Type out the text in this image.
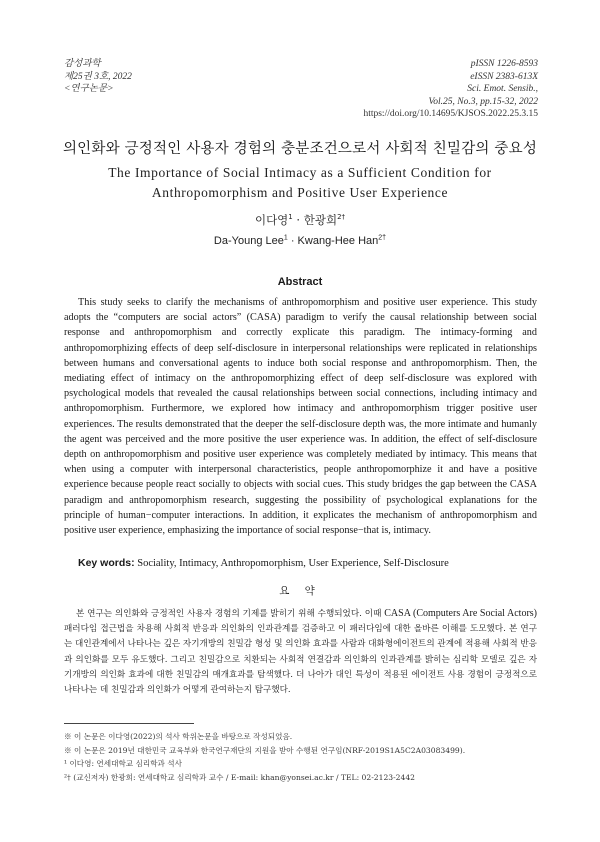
감성과학
제25권 3호, 2022
<연구논문>
pISSN 1226-8593
eISSN 2383-613X
Sci. Emot. Sensib.,
Vol.25, No.3, pp.15-32, 2022
https://doi.org/10.14695/KJSOS.2022.25.3.15
의인화와 긍정적인 사용자 경험의 충분조건으로서 사회적 친밀감의 중요성
The Importance of Social Intimacy as a Sufficient Condition for
Anthropomorphism and Positive User Experience
이다영$^1$ · 한광희$^{2\dagger}$
Da-Young Lee$^1$ · Kwang-Hee Han$^{2\dagger}$
Abstract

This study seeks to clarify the mechanisms of anthropomorphism and positive user experience. This study adopts the “computers are social actors” (CASA) paradigm to verify the causal relationship between social response and anthropomorphism and correctly explicate this paradigm. The intimacy-forming and anthropomorphizing effects of deep self-disclosure in interpersonal relationships were replicated in relationships between humans and conversational agents to induce both social response and anthropomorphism. Then, the mediating effect of intimacy on the anthropomorphizing effect of deep self-disclosure was explored with psychological models that revealed the causal relationships between social connections, including intimacy and anthropomorphism. Furthermore, we explored how intimacy and anthropomorphism trigger positive user experiences. The results demonstrated that the deeper the self-disclosure depth was, the more intimate and humanly the agent was perceived and the more positive the user experience was. In addition, the effect of self-disclosure depth on anthropomorphism and positive user experience was completely mediated by intimacy. This means that when using a computer with interpersonal characteristics, people anthropomorphize it and have a positive experience because people react socially to objects with social cues. This study bridges the gap between the CASA paradigm and anthropomorphism research, suggesting the possibility of psychological explanations for the principle of human−computer interactions. In addition, it explicates the mechanism of anthropomorphism and positive user experience, emphasizing the importance of social response−that is, intimacy.

Key words: Sociality, Intimacy, Anthropomorphism, User Experience, Self-Disclosure
요 약

본 연구는 의인화와 긍정적인 사용자 경험의 기제를 밝히기 위해 수행되었다. 이때 CASA (Computers Are Social Actors) 패러다임 접근법을 차용해 사회적 반응과 의인화의 인과관계를 검증하고 이 패러다임에 대한 올바른 이해를 도모했다. 본 연구는 대인관계에서 나타나는 깊은 자기개방의 친밀감 형성 및 의인화 효과를 사람과 대화형에이전트의 관계에 적용해 사회적 반응과 의인화를 모두 유도했다. 그리고 친밀감으로 치환되는 사회적 연결감과 의인화의 인과관계를 밝히는 심리학 모델로 깊은 자기개방의 의인화 효과에 대한 친밀감의 매개효과를 탐색했다. 더 나아가 대인 특성이 적용된 에이전트 사용 경험이 긍정적으로 나타나는 데 친밀감과 의인화가 어떻게 관여하는지 탐구했다.

※ 이 논문은 이다영(2022)의 석사 학위논문을 바탕으로 작성되었음.
※ 이 논문은 2019년 대한민국 교육부와 한국연구재단의 지원을 받아 수행된 연구임(NRF-2019S1A5C2A03083499).
¹ 이다영: 연세대학교 심리학과 석사
²† (교신저자) 한광희: 연세대학교 심리학과 교수 / E-mail: khan@yonsei.ac.kr / TEL: 02-2123-2442
